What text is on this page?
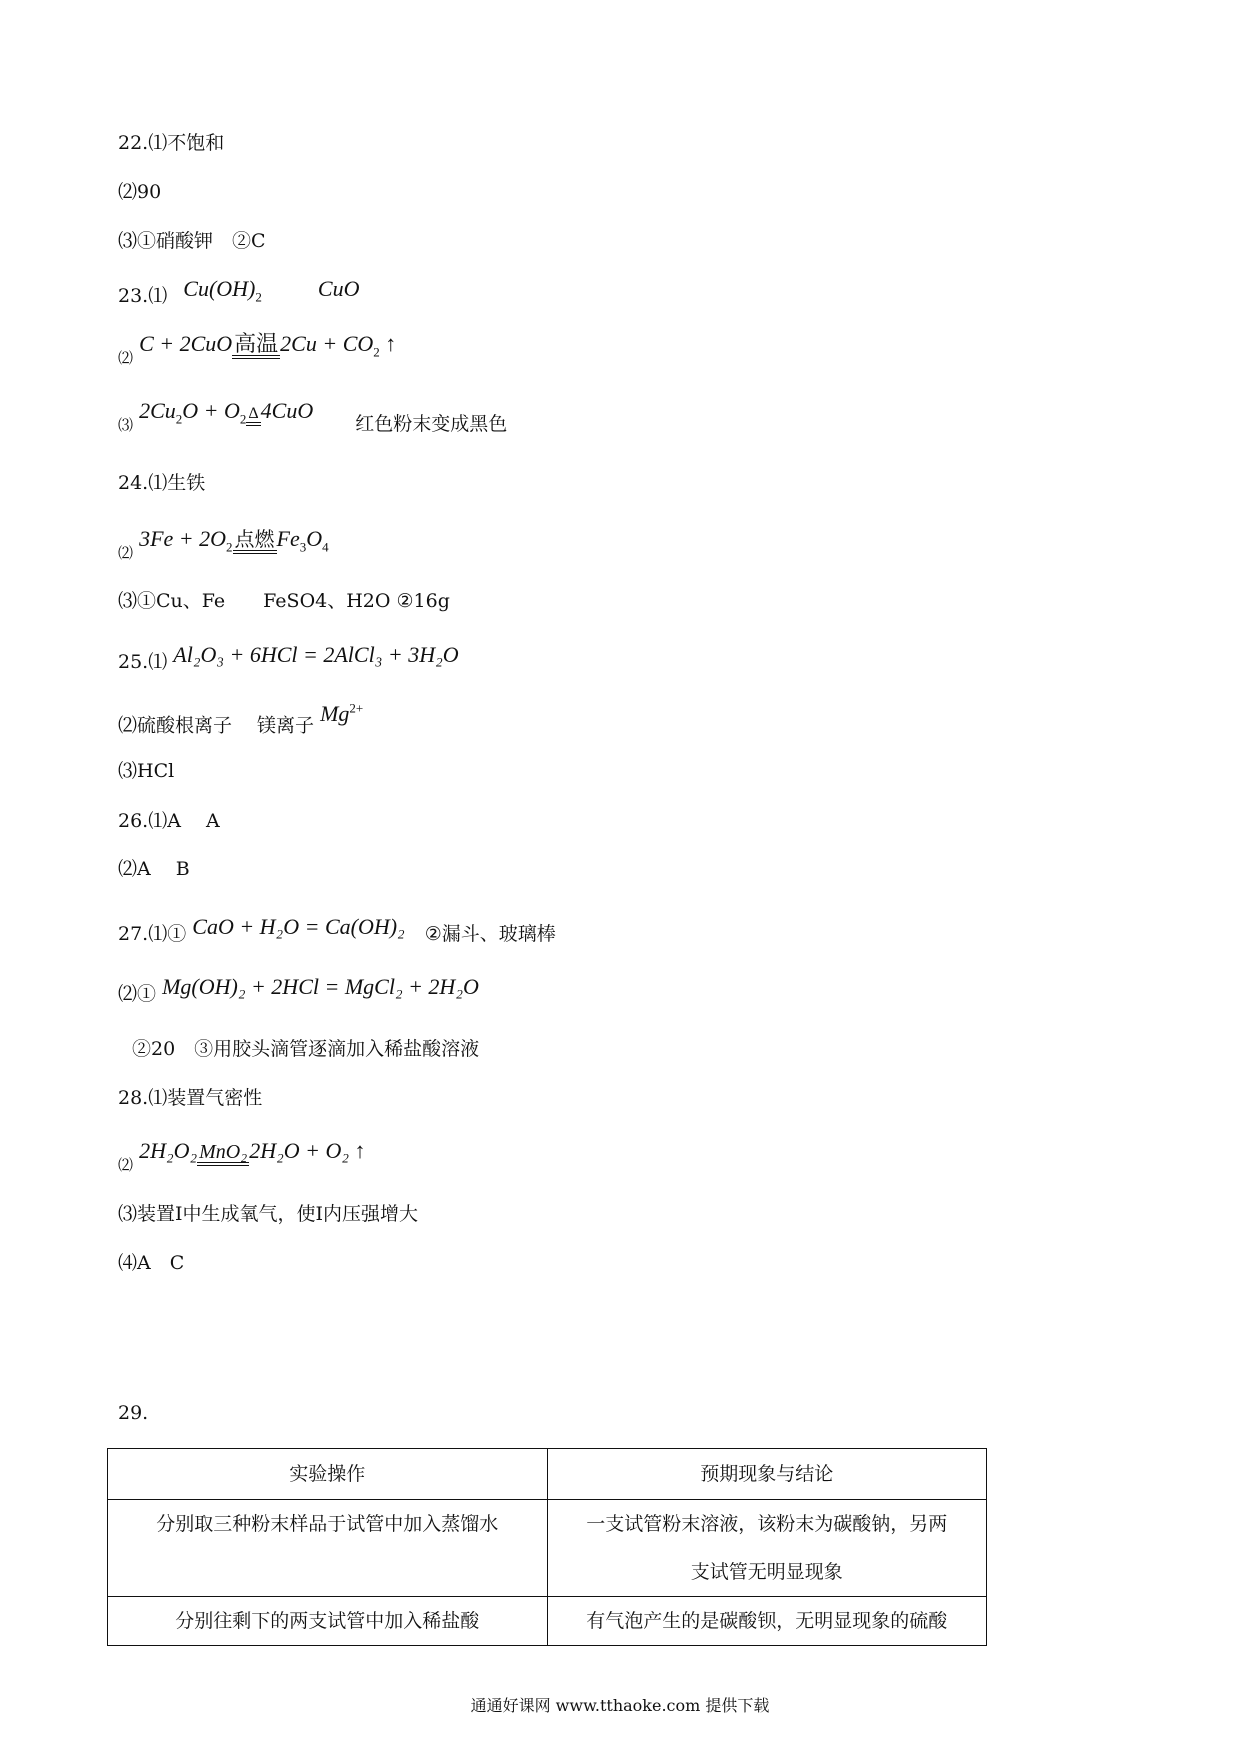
22.⑴不饱和
⑵90
⑶①硝酸钾　②C
23.⑴ $Cu(OH)_2$	CuO
⑵ C + 2CuO高温$2Cu + CO_2$ ↑
⑶ $2Cu_2O + O_2$ Δ4CuO 红色粉末变成黑色
24.⑴生铁
⑵ $3Fe + 2O_2$ 点燃$Fe_3O_4$
⑶①Cu、Fe　　FeSO4、H2O ②16g
25.⑴ Al₂O₃ + 6HCl = 2AlCl₃ + 3H₂O
⑵硫酸根离子　 镁离子 $Mg^{2+}$
⑶HCl
26.⑴A　 A
⑵A　 B
27.⑴① CaO + H₂O = Ca(OH)₂ ②漏斗、玻璃棒
⑵① Mg(OH)₂ + 2HCl = MgCl₂ + 2H₂O
②20　③用胶头滴管逐滴加入稀盐酸溶液
28.⑴装置气密性
⑵ 2H₂O₂ MnO₂2H₂O + O₂ ↑
⑶装置Ⅰ中生成氧气，使Ⅰ内压强增大
⑷A　C
29.
实验操作	预期现象与结论
分别取三种粉末样品于试管中加入蒸馏水	一支试管粉末溶液，该粉末为碳酸钠，另两
支试管无明显现象

分别往剩下的两支试管中加入稀盐酸	有气泡产生的是碳酸钡，无明显现象的硫酸
通通好课网 www.tthaoke.com 提供下载
